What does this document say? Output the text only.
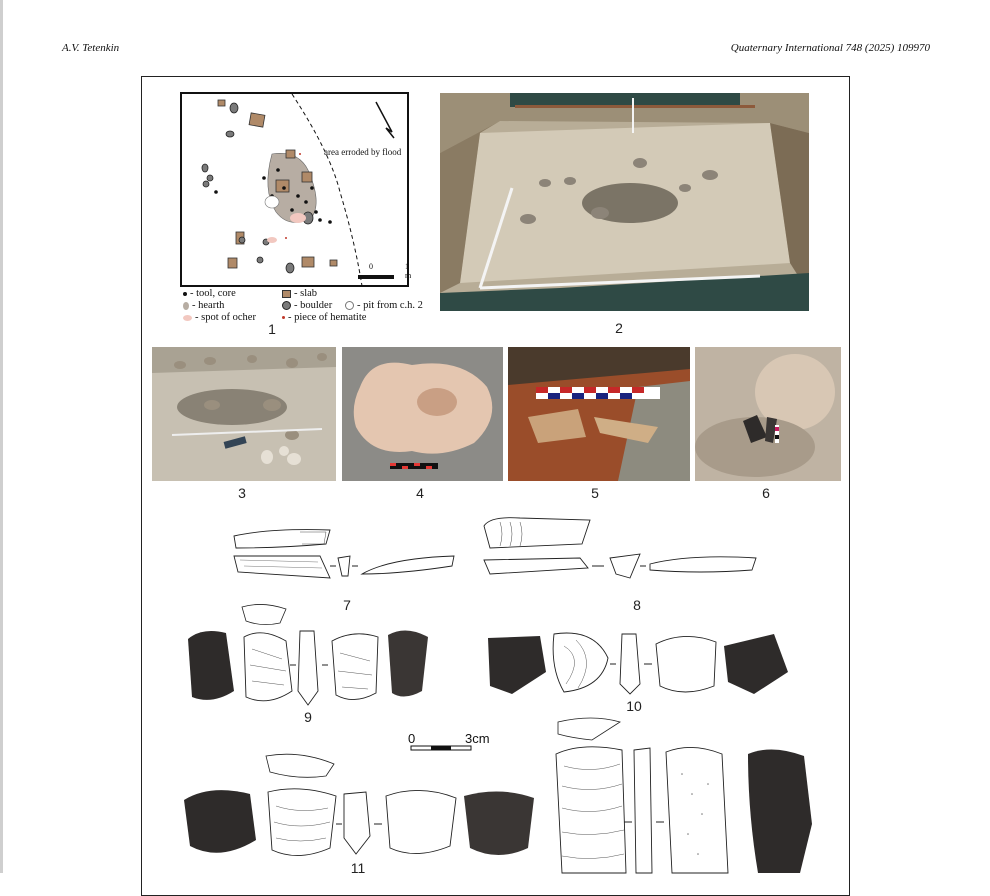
A.V. Tetenkin	Quaternary International 748 (2025) 109970
area erroded by flood
0	1 m
- tool, core	- slab
- hearth	- boulder	- pit from c.h. 2
- spot of ocher	- piece of hematite
1	2
3	4	5	6
7	8
9
10
0	3cm
11
